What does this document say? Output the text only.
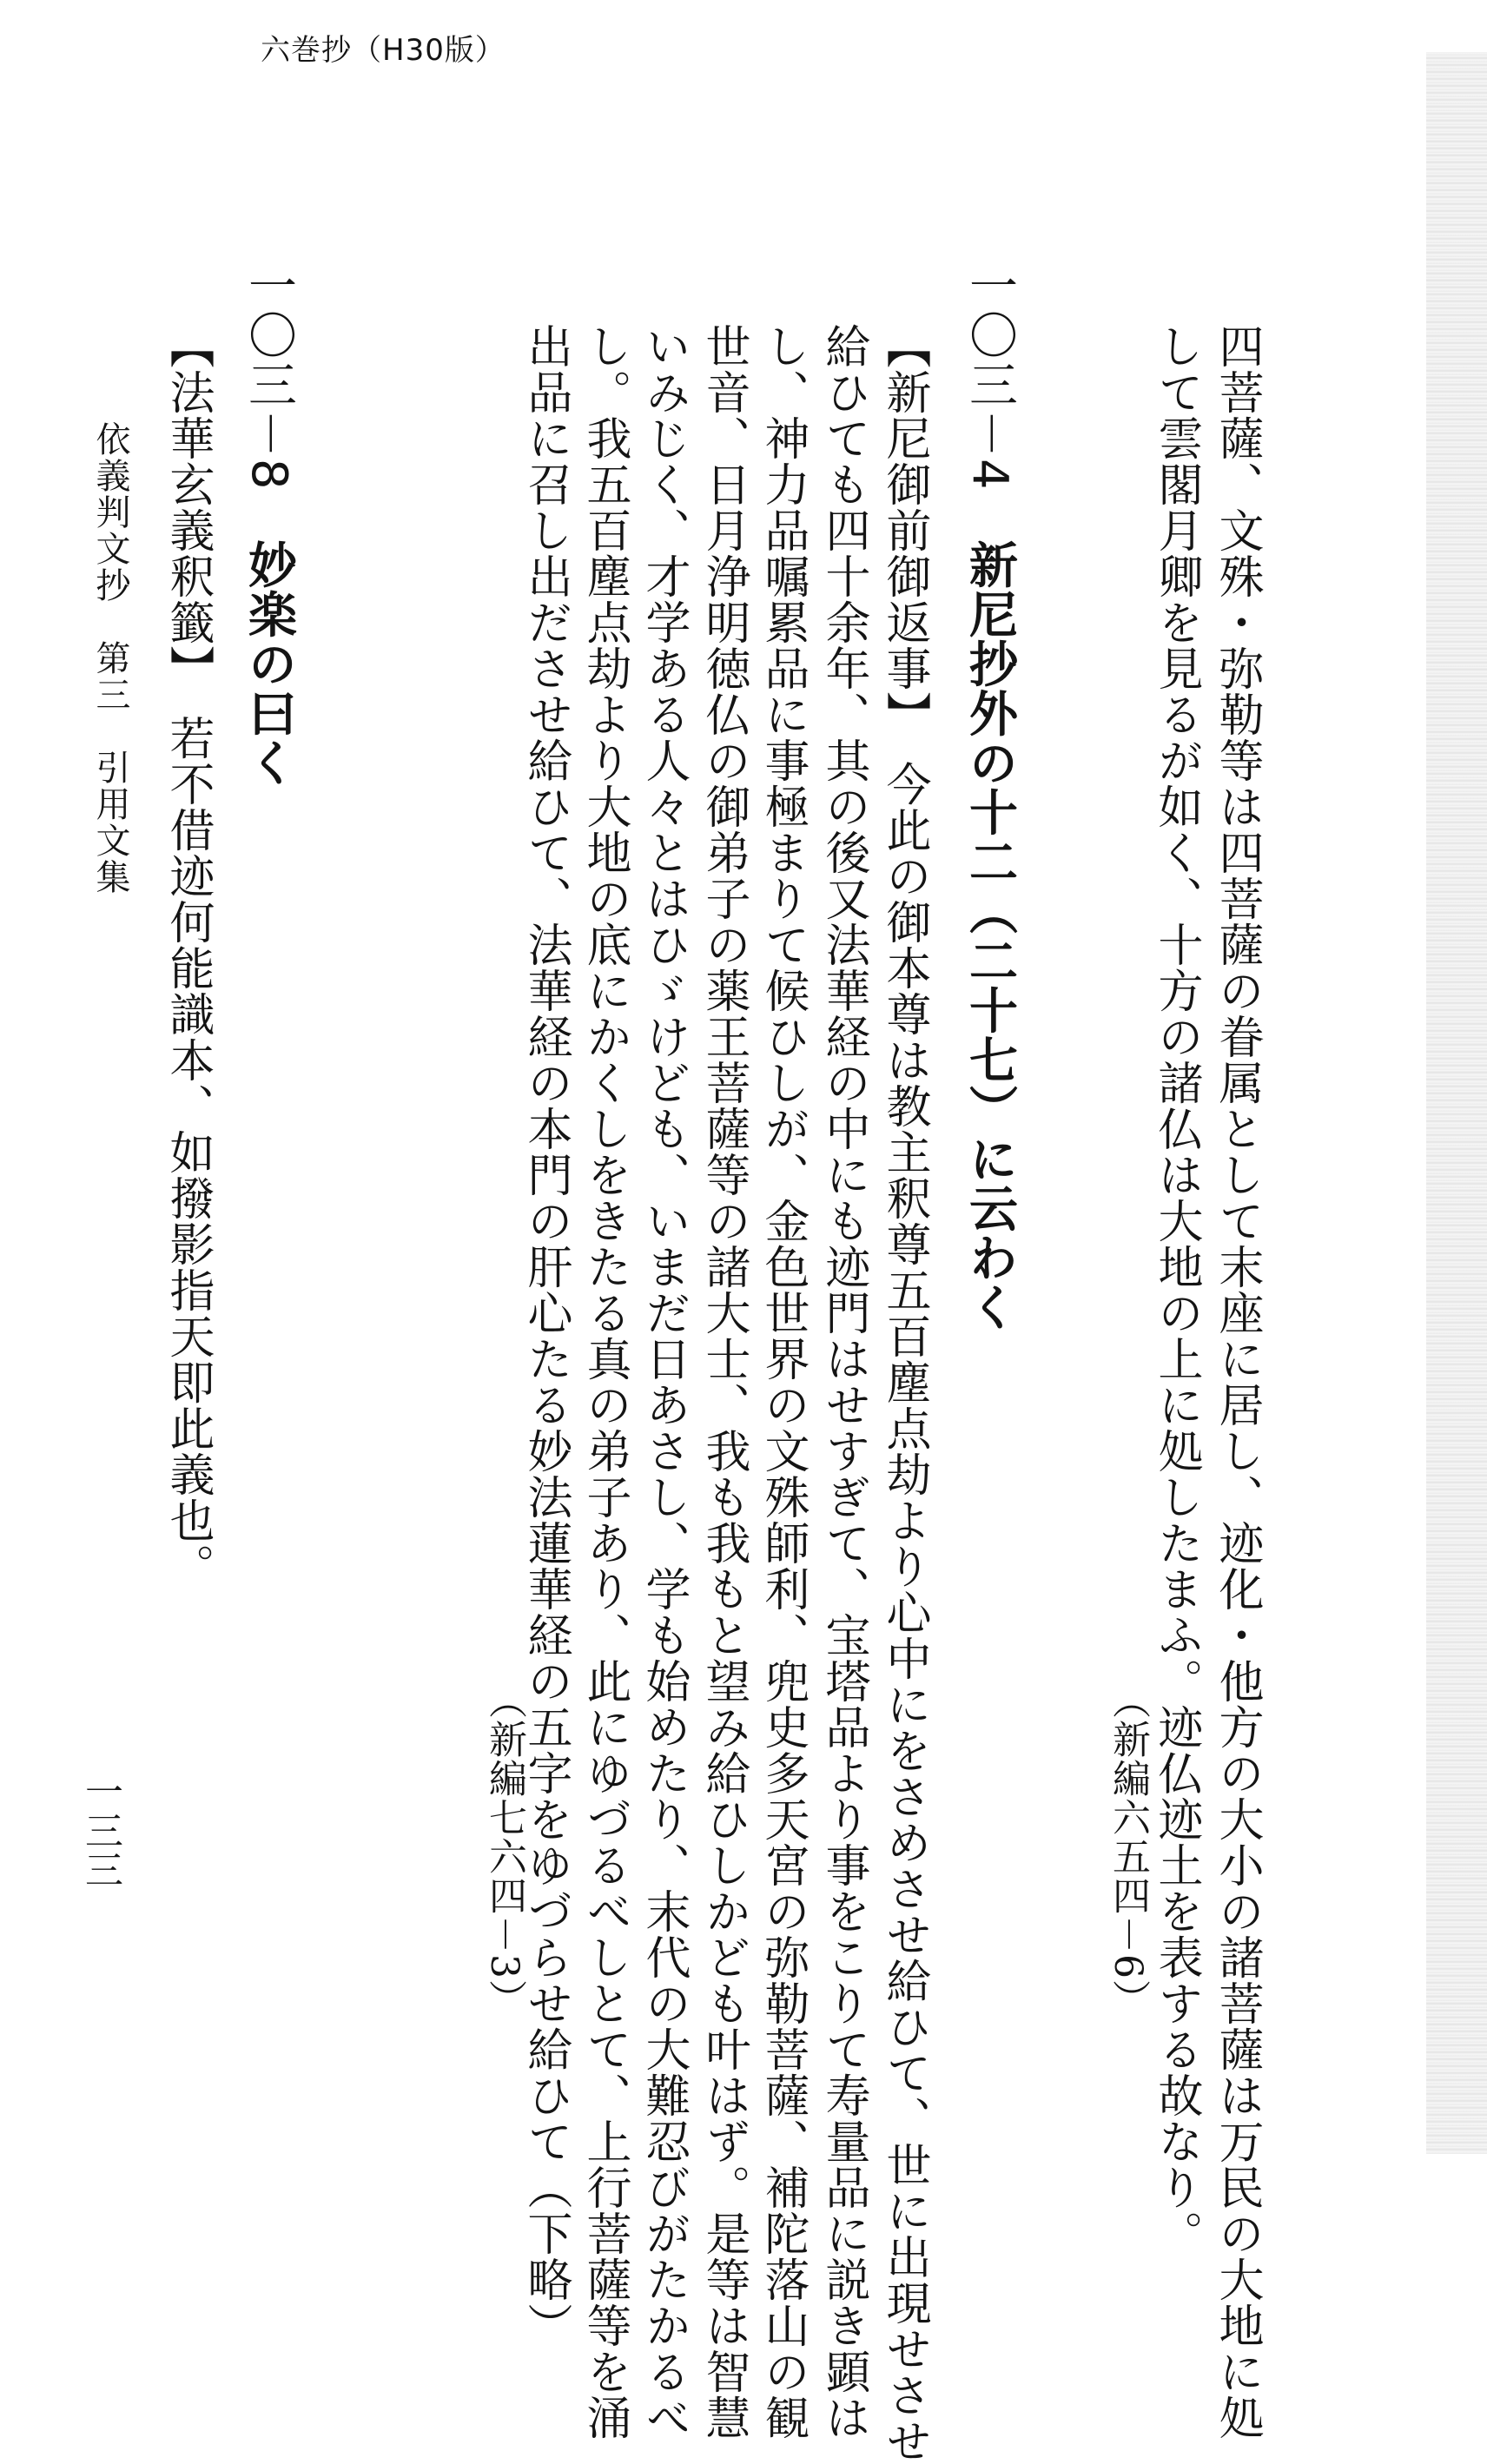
六巻抄（H30版）
四菩薩、文殊・弥勒等は四菩薩の眷属として末座に居し、迹化・他方の大小の諸菩薩は万民の大地に処
して雲閣月卿を見るが如く、十方の諸仏は大地の上に処したまふ。迹仏迹土を表する故なり。
（新編六五四－6）
一〇三－4　新尼抄外の十二（二十七）に云わく
【新尼御前御返事】　今此の御本尊は教主釈尊五百塵点劫より心中にをさめさせ給ひて、世に出現せさせ
給ひても四十余年、其の後又法華経の中にも迹門はせすぎて、宝塔品より事をこりて寿量品に説き顕は
し、神力品嘱累品に事極まりて候ひしが、金色世界の文殊師利、兜史多天宮の弥勒菩薩、補陀落山の観
世音、日月浄明徳仏の御弟子の薬王菩薩等の諸大士、我も我もと望み給ひしかども叶はず。是等は智慧
いみじく、才学ある人々とはひゞけども、いまだ日あさし、学も始めたり、末代の大難忍びがたかるべ
し。我五百塵点劫より大地の底にかくしをきたる真の弟子あり、此にゆづるべしとて、上行菩薩等を涌
出品に召し出ださせ給ひて、法華経の本門の肝心たる妙法蓮華経の五字をゆづらせ給ひて（下略）
（新編七六四－3）
一〇三－8　妙楽の曰く
【法華玄義釈籤】　若不借迹何能識本、如撥影指天即此義也。
依義判文抄　第三　引用文集
一三三
